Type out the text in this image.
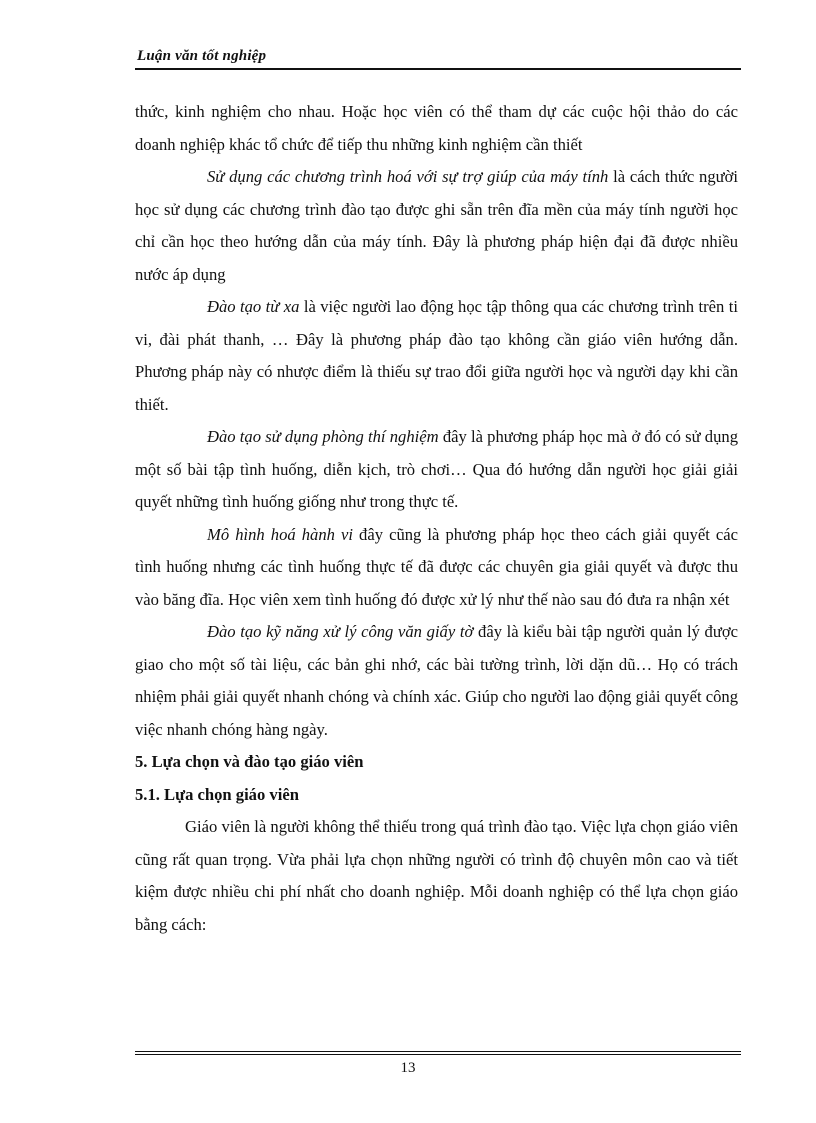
Luận văn tốt nghiệp

thức, kinh nghiệm cho nhau. Hoặc học viên có thể tham dự các cuộc hội thảo do các doanh nghiệp khác tổ chức để tiếp thu những kinh nghiệm cần thiết

Sử dụng các chương trình hoá với sự trợ giúp của máy tính là cách thức người học sử dụng các chương trình đào tạo được ghi sẵn trên đĩa mền của máy tính người học chỉ cần học theo hướng dẫn của máy tính. Đây là phương pháp hiện đại đã được nhiều nước áp dụng

Đào tạo từ xa là việc người lao động học tập thông qua các chương trình trên ti vi, đài phát thanh, … Đây là phương pháp đào tạo không cần giáo viên hướng dẫn. Phương pháp này có nhược điểm là thiếu sự trao đổi giữa người học và người dạy khi cần thiết.

Đào tạo sử dụng phòng thí nghiệm đây là phương pháp học mà ở đó có sử dụng một số bài tập tình huống, diễn kịch, trò chơi… Qua đó hướng dẫn người học giải giải quyết những tình huống giống như trong thực tế.

Mô hình hoá hành vi đây cũng là phương pháp học theo cách giải quyết các tình huống nhưng các tình huống thực tế đã được các chuyên gia giải quyết và được thu vào băng đĩa. Học viên xem tình huống đó được xử lý như thế nào sau đó đưa ra nhận xét

Đào tạo kỹ năng xử lý công văn giấy tờ đây là kiểu bài tập người quản lý được giao cho một số tài liệu, các bản ghi nhớ, các bài tường trình, lời dặn dũ… Họ có trách nhiệm phải giải quyết nhanh chóng và chính xác. Giúp cho người lao động giải quyết công việc nhanh chóng hàng ngày.

5. Lựa chọn và đào tạo giáo viên

5.1. Lựa chọn giáo viên

Giáo viên là người không thể thiếu trong quá trình đào tạo. Việc lựa chọn giáo viên cũng rất quan trọng. Vừa phải lựa chọn những người có trình độ chuyên môn cao và tiết kiệm được nhiều chi phí nhất cho doanh nghiệp. Mỗi doanh nghiệp có thể lựa chọn giáo bằng cách:

13
